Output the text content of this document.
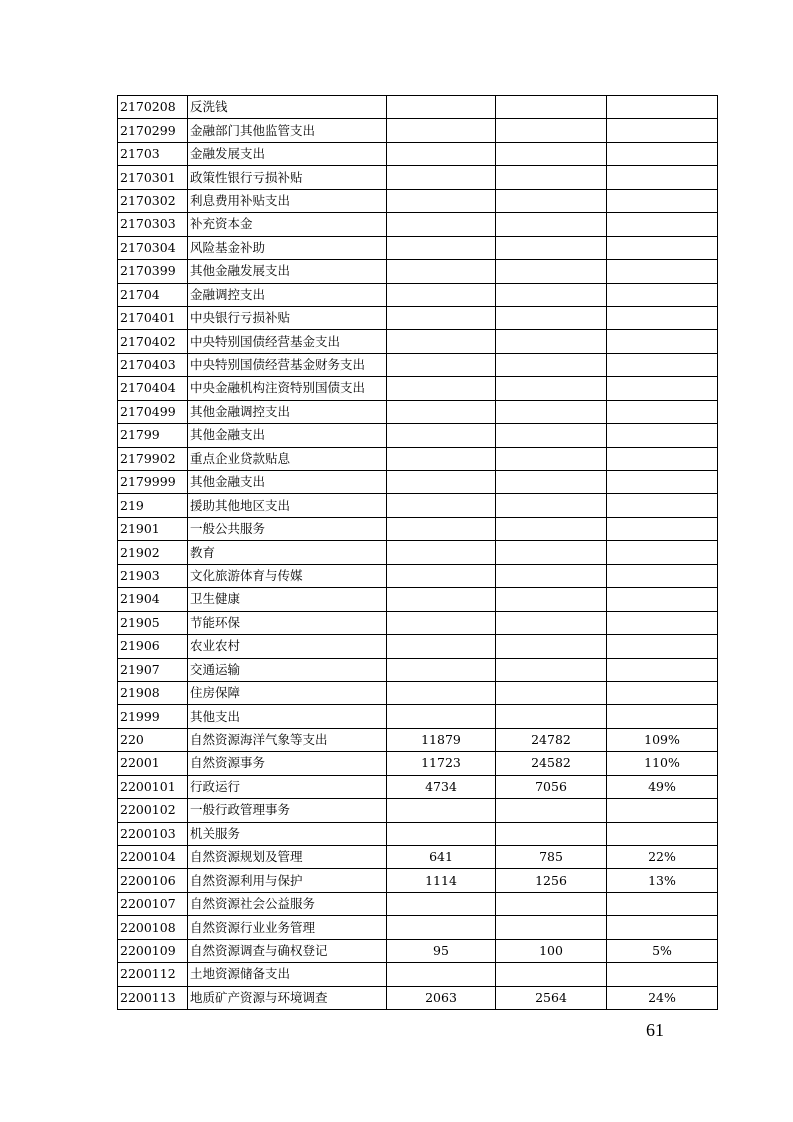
2170208	反洗钱			
2170299	金融部门其他监管支出			
21703	金融发展支出			
2170301	政策性银行亏损补贴			
2170302	利息费用补贴支出			
2170303	补充资本金			
2170304	风险基金补助			
2170399	其他金融发展支出			
21704	金融调控支出			
2170401	中央银行亏损补贴			
2170402	中央特别国债经营基金支出			
2170403	中央特别国债经营基金财务支出			
2170404	中央金融机构注资特别国债支出			
2170499	其他金融调控支出			
21799	其他金融支出			
2179902	重点企业贷款贴息			
2179999	其他金融支出			
219	援助其他地区支出			
21901	一般公共服务			
21902	教育			
21903	文化旅游体育与传媒			
21904	卫生健康			
21905	节能环保			
21906	农业农村			
21907	交通运输			
21908	住房保障			
21999	其他支出			
220	自然资源海洋气象等支出	11879	24782	109%
22001	自然资源事务	11723	24582	110%
2200101	行政运行	4734	7056	49%
2200102	一般行政管理事务			
2200103	机关服务			
2200104	自然资源规划及管理	641	785	22%
2200106	自然资源利用与保护	1114	1256	13%
2200107	自然资源社会公益服务			
2200108	自然资源行业业务管理			
2200109	自然资源调查与确权登记	95	100	5%
2200112	土地资源储备支出			
2200113	地质矿产资源与环境调查	2063	2564	24%
61
